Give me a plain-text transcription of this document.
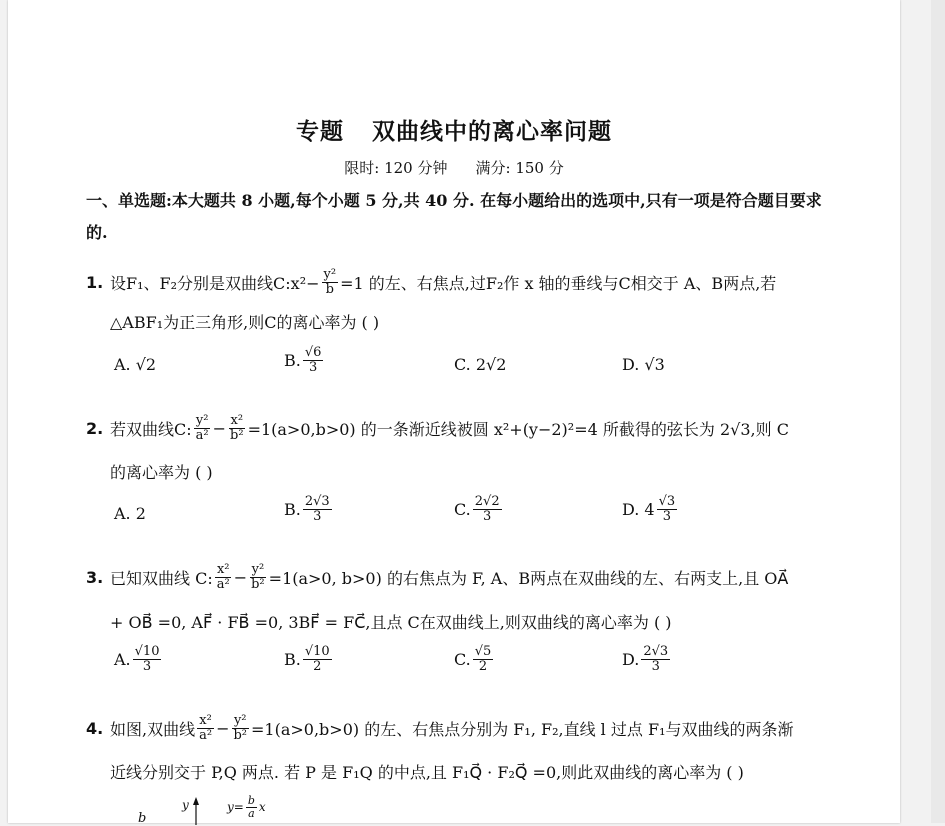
专题 双曲线中的离心率问题
限时: 120 分钟 满分: 150 分
一、单选题:本大题共 8 小题,每个小题 5 分,共 40 分. 在每小题给出的选项中,只有一项是符合题目要求的.
1. 设F₁、F₂分别是双曲线C:x²− $\frac{\text{y²}}{b} =1$ 的左、右焦点,过F₂作 x 轴的垂线与C相交于 A、B两点,若
△ABF₁为正三角形,则C的离心率为 ( )
A. √2	B. $\frac{√6}{3}$	C. 2√2	D. √3
2. 若双曲线C: $\frac{\text{y²}}{\text{a²}} - \frac{\text{x²}}{\text{b²}} =1(a>0,b>0)$ 的一条渐近线被圆 x²+(y−2)²=4 所截得的弦长为 2√3,则 C
的离心率为 ( )
A. 2	B. $\frac{2√3}{3}$	C. $\frac{2√2}{3}$	D. $4 \frac{√3}{3}$
3. 已知双曲线 C: $\frac{\text{x²}}{\text{a²}} - \frac{\text{y²}}{\text{b²}} =1(a>0$, b>0) 的右焦点为 F, A、B两点在双曲线的左、右两支上,且 OA⃗
+ OB⃗ =0, AF⃗ · FB⃗ =0, 3BF⃗ = FC⃗,且点 C在双曲线上,则双曲线的离心率为 ( )
A. $\frac{√10}{3}$	B. $\frac{√10}{2}$	C. $\frac{√5}{2}$	D. $\frac{2√3}{3}$
4. 如图,双曲线 $\frac{\text{x²}}{\text{a²}} - \frac{\text{y²}}{\text{b²}} =1(a>0,b>0)$ 的左、右焦点分别为 F₁, F₂,直线 l 过点 F₁与双曲线的两条渐
近线分别交于 P,Q 两点. 若 P 是 F₁Q 的中点,且 F₁Q⃗ · F₂Q⃗ =0,则此双曲线的离心率为 ( )
b
y	$y= \frac{b}{a}$ x
